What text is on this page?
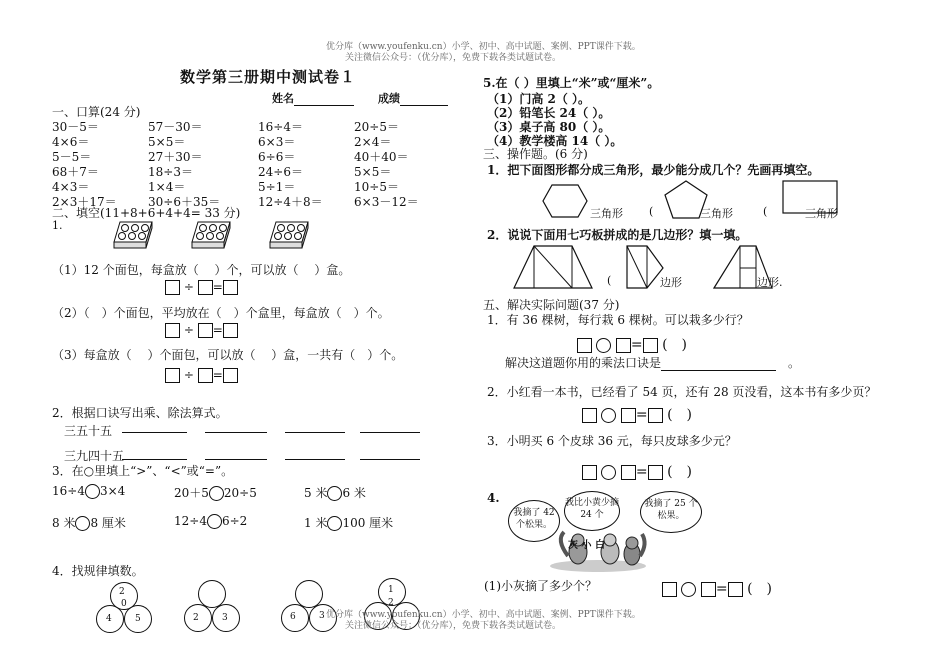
优分库（www.youfenku.cn）小学、初中、高中试题、案例、PPT课件下载。
关注微信公众号：（优分库），免费下载各类试题试卷。
数学第三册期中测试卷１
姓名	成绩
一、口算(24 分)
30－5＝	57－30＝	16÷4＝	20÷5＝
4×6＝	5×5＝	6×3＝	2×4＝
5－5＝	27＋30＝	6÷6＝	40＋40＝
68＋7＝	18÷3＝	24÷6＝	5×5＝
4×3＝	1×4＝	5÷1＝	10÷5＝
2×3＋17＝	30÷6＋35＝	12÷4＋8＝	6×3－12＝
二、填空(11+8+6+4+4= 33 分)
1.
（1）12 个面包，每盒放（　 ）个，可以放（　 ）盒。
÷ =
（2）（　）个面包，平均放在（　）个盒里，每盒放（　）个。
÷ =
（3）每盒放（　 ）个面包，可以放（　 ）盒，一共有（　）个。
÷ =
2．根据口诀写出乘、除法算式。
三五十五
三九四十五
3．在○里填上“>”、“<”或“=”。
16÷4 3×4	20＋5 20÷5	5 米 6 米
8 米 8 厘米	12÷4 6÷2	1 米 100 厘米
4．找规律填数。
2
0
4	5	2	3	6	3
1
2
5.在（ ）里填上“米”或“厘米”。
（1）门高 2（ ）。
（2）铅笔长 24（ ）。
（3）桌子高 80（ ）。
（4）教学楼高 14（ ）。
三、操作题。(6 分)
1．把下面图形都分成三角形，最少能分成几个？先画再填空。
三角形 (	三角形	(	三角形
2．说说下面用七巧板拼成的是几边形？填一填。
(	边形	边形.
五、解决实际问题(37 分)
1．有 36 棵树，每行栽 6 棵树。可以栽多少行？
= (　)
解决这道题你用的乘法口诀是　	。
2．小红看一本书，已经看了 54 页，还有 28 页没看，这本书有多少页？
= (　)
3．小明买 6 个皮球 36 元，每只皮球多少元？
= (　)
4.
我摘了 42 个松果。
我比小黄少摘 24 个
我摘了 25 个松果。
灰 小 白
(1)小灰摘了多少个？	= (　)
优分库（www.youfenku.cn）小学、初中、高中试题、案例、PPT课件下载。
关注微信公众号：（优分库），免费下载各类试题试卷。
